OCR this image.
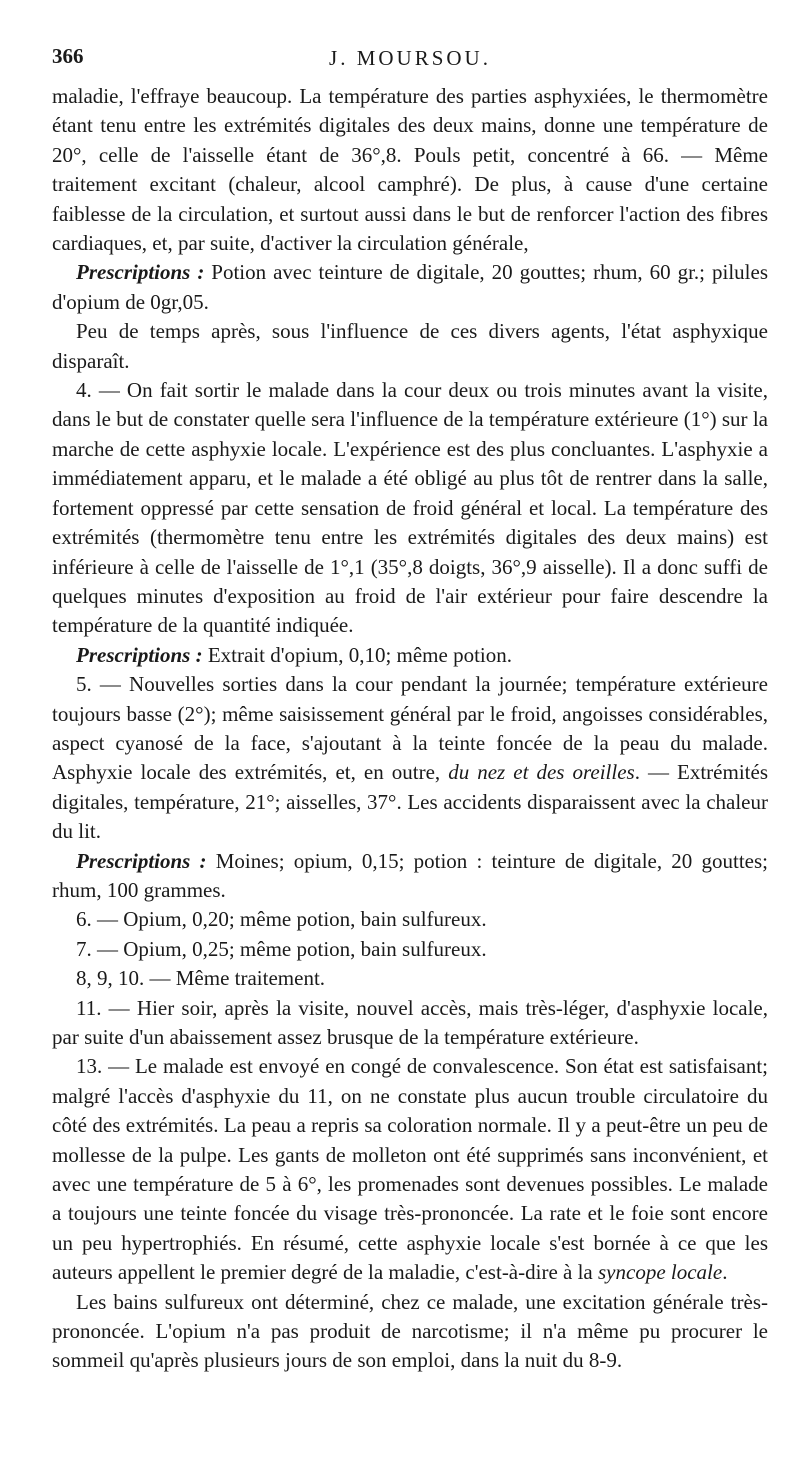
366	J. MOURSOU.

maladie, l'effraye beaucoup. La température des parties asphyxiées, le thermomètre étant tenu entre les extrémités digitales des deux mains, donne une température de 20°, celle de l'aisselle étant de 36°,8. Pouls petit, concentré à 66. — Même traitement excitant (chaleur, alcool camphré). De plus, à cause d'une certaine faiblesse de la circulation, et surtout aussi dans le but de renforcer l'action des fibres cardiaques, et, par suite, d'activer la circulation générale,

Prescriptions : Potion avec teinture de digitale, 20 gouttes; rhum, 60 gr.; pilules d'opium de 0gr,05.

Peu de temps après, sous l'influence de ces divers agents, l'état asphyxique disparaît.

4. — On fait sortir le malade dans la cour deux ou trois minutes avant la visite, dans le but de constater quelle sera l'influence de la température extérieure (1°) sur la marche de cette asphyxie locale. L'expérience est des plus concluantes. L'asphyxie a immédiatement apparu, et le malade a été obligé au plus tôt de rentrer dans la salle, fortement oppressé par cette sensation de froid général et local. La température des extrémités (thermomètre tenu entre les extrémités digitales des deux mains) est inférieure à celle de l'aisselle de 1°,1 (35°,8 doigts, 36°,9 aisselle). Il a donc suffi de quelques minutes d'exposition au froid de l'air extérieur pour faire descendre la température de la quantité indiquée.

Prescriptions : Extrait d'opium, 0,10; même potion.

5. — Nouvelles sorties dans la cour pendant la journée; température extérieure toujours basse (2°); même saisissement général par le froid, angoisses considérables, aspect cyanosé de la face, s'ajoutant à la teinte foncée de la peau du malade. Asphyxie locale des extrémités, et, en outre, du nez et des oreilles. — Extrémités digitales, température, 21°; aisselles, 37°. Les accidents disparaissent avec la chaleur du lit.

Prescriptions : Moines; opium, 0,15; potion : teinture de digitale, 20 gouttes; rhum, 100 grammes.

6. — Opium, 0,20; même potion, bain sulfureux.

7. — Opium, 0,25; même potion, bain sulfureux.

8, 9, 10. — Même traitement.

11. — Hier soir, après la visite, nouvel accès, mais très-léger, d'asphyxie locale, par suite d'un abaissement assez brusque de la température extérieure.

13. — Le malade est envoyé en congé de convalescence. Son état est satisfaisant; malgré l'accès d'asphyxie du 11, on ne constate plus aucun trouble circulatoire du côté des extrémités. La peau a repris sa coloration normale. Il y a peut-être un peu de mollesse de la pulpe. Les gants de molleton ont été supprimés sans inconvénient, et avec une température de 5 à 6°, les promenades sont devenues possibles. Le malade a toujours une teinte foncée du visage très-prononcée. La rate et le foie sont encore un peu hypertrophiés. En résumé, cette asphyxie locale s'est bornée à ce que les auteurs appellent le premier degré de la maladie, c'est-à-dire à la syncope locale.

Les bains sulfureux ont déterminé, chez ce malade, une excitation générale très-prononcée. L'opium n'a pas produit de narcotisme; il n'a même pu procurer le sommeil qu'après plusieurs jours de son emploi, dans la nuit du 8-9.
